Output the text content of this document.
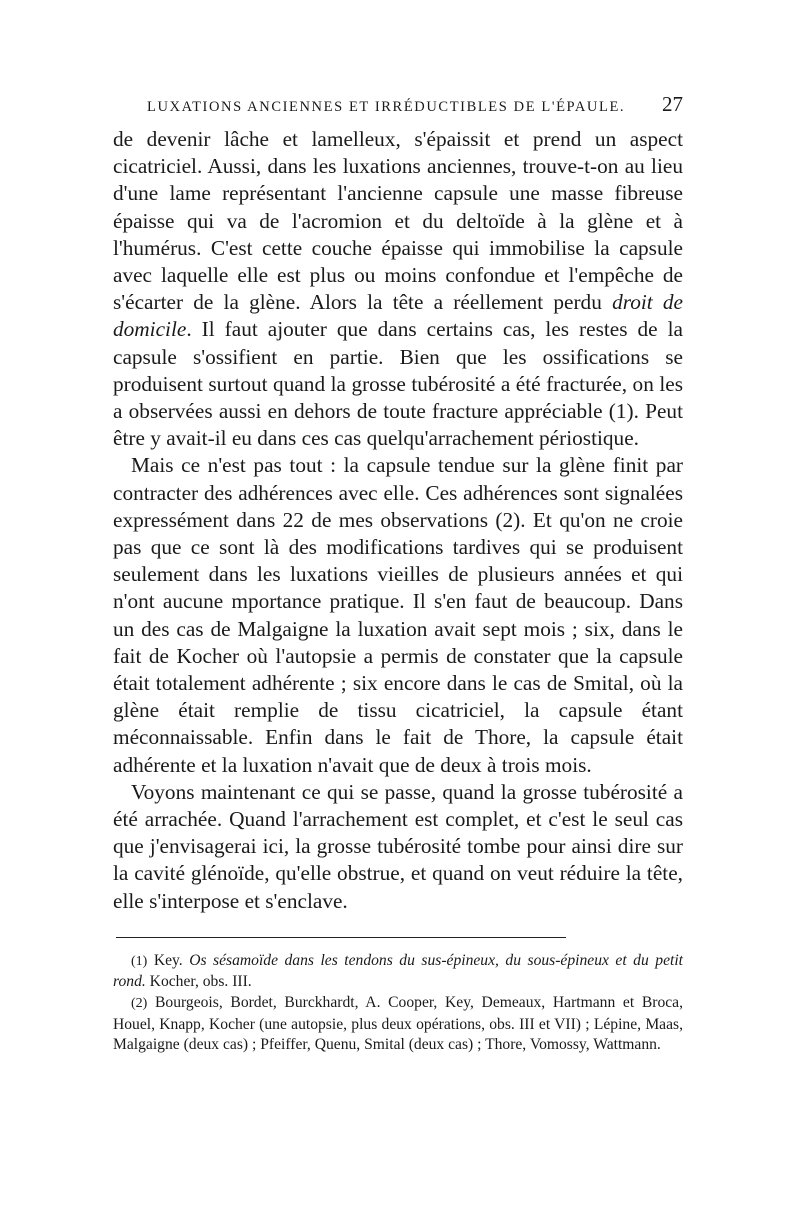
LUXATIONS ANCIENNES ET IRRÉDUCTIBLES DE L'ÉPAULE. 27

de devenir lâche et lamelleux, s'épaissit et prend un aspect cicatriciel. Aussi, dans les luxations anciennes, trouve-t-on au lieu d'une lame représentant l'ancienne capsule une masse fibreuse épaisse qui va de l'acromion et du deltoïde à la glène et à l'humérus. C'est cette couche épaisse qui immobilise la capsule avec laquelle elle est plus ou moins confondue et l'empêche de s'écarter de la glène. Alors la tête a réellement perdu droit de domicile. Il faut ajouter que dans certains cas, les restes de la capsule s'ossifient en partie. Bien que les ossifications se produisent surtout quand la grosse tubérosité a été fracturée, on les a observées aussi en dehors de toute fracture appréciable (1). Peut être y avait-il eu dans ces cas quelqu'arrachement périostique.

Mais ce n'est pas tout : la capsule tendue sur la glène finit par contracter des adhérences avec elle. Ces adhérences sont signalées expressément dans 22 de mes observations (2). Et qu'on ne croie pas que ce sont là des modifications tardives qui se produisent seulement dans les luxations vieilles de plusieurs années et qui n'ont aucune mportance pratique. Il s'en faut de beaucoup. Dans un des cas de Malgaigne la luxation avait sept mois ; six, dans le fait de Kocher où l'autopsie a permis de constater que la capsule était totalement adhérente ; six encore dans le cas de Smital, où la glène était remplie de tissu cicatriciel, la capsule étant méconnaissable. Enfin dans le fait de Thore, la capsule était adhérente et la luxation n'avait que de deux à trois mois.

Voyons maintenant ce qui se passe, quand la grosse tubérosité a été arrachée. Quand l'arrachement est complet, et c'est le seul cas que j'envisagerai ici, la grosse tubérosité tombe pour ainsi dire sur la cavité glénoïde, qu'elle obstrue, et quand on veut réduire la tête, elle s'interpose et s'enclave.

(1) Key. Os sésamoïde dans les tendons du sus-épineux, du sous-épineux et du petit rond. Kocher, obs. III.

(2) Bourgeois, Bordet, Burckhardt, A. Cooper, Key, Demeaux, Hartmann et Broca, Houel, Knapp, Kocher (une autopsie, plus deux opérations, obs. III et VII) ; Lépine, Maas, Malgaigne (deux cas) ; Pfeiffer, Quenu, Smital (deux cas) ; Thore, Vomossy, Wattmann.
